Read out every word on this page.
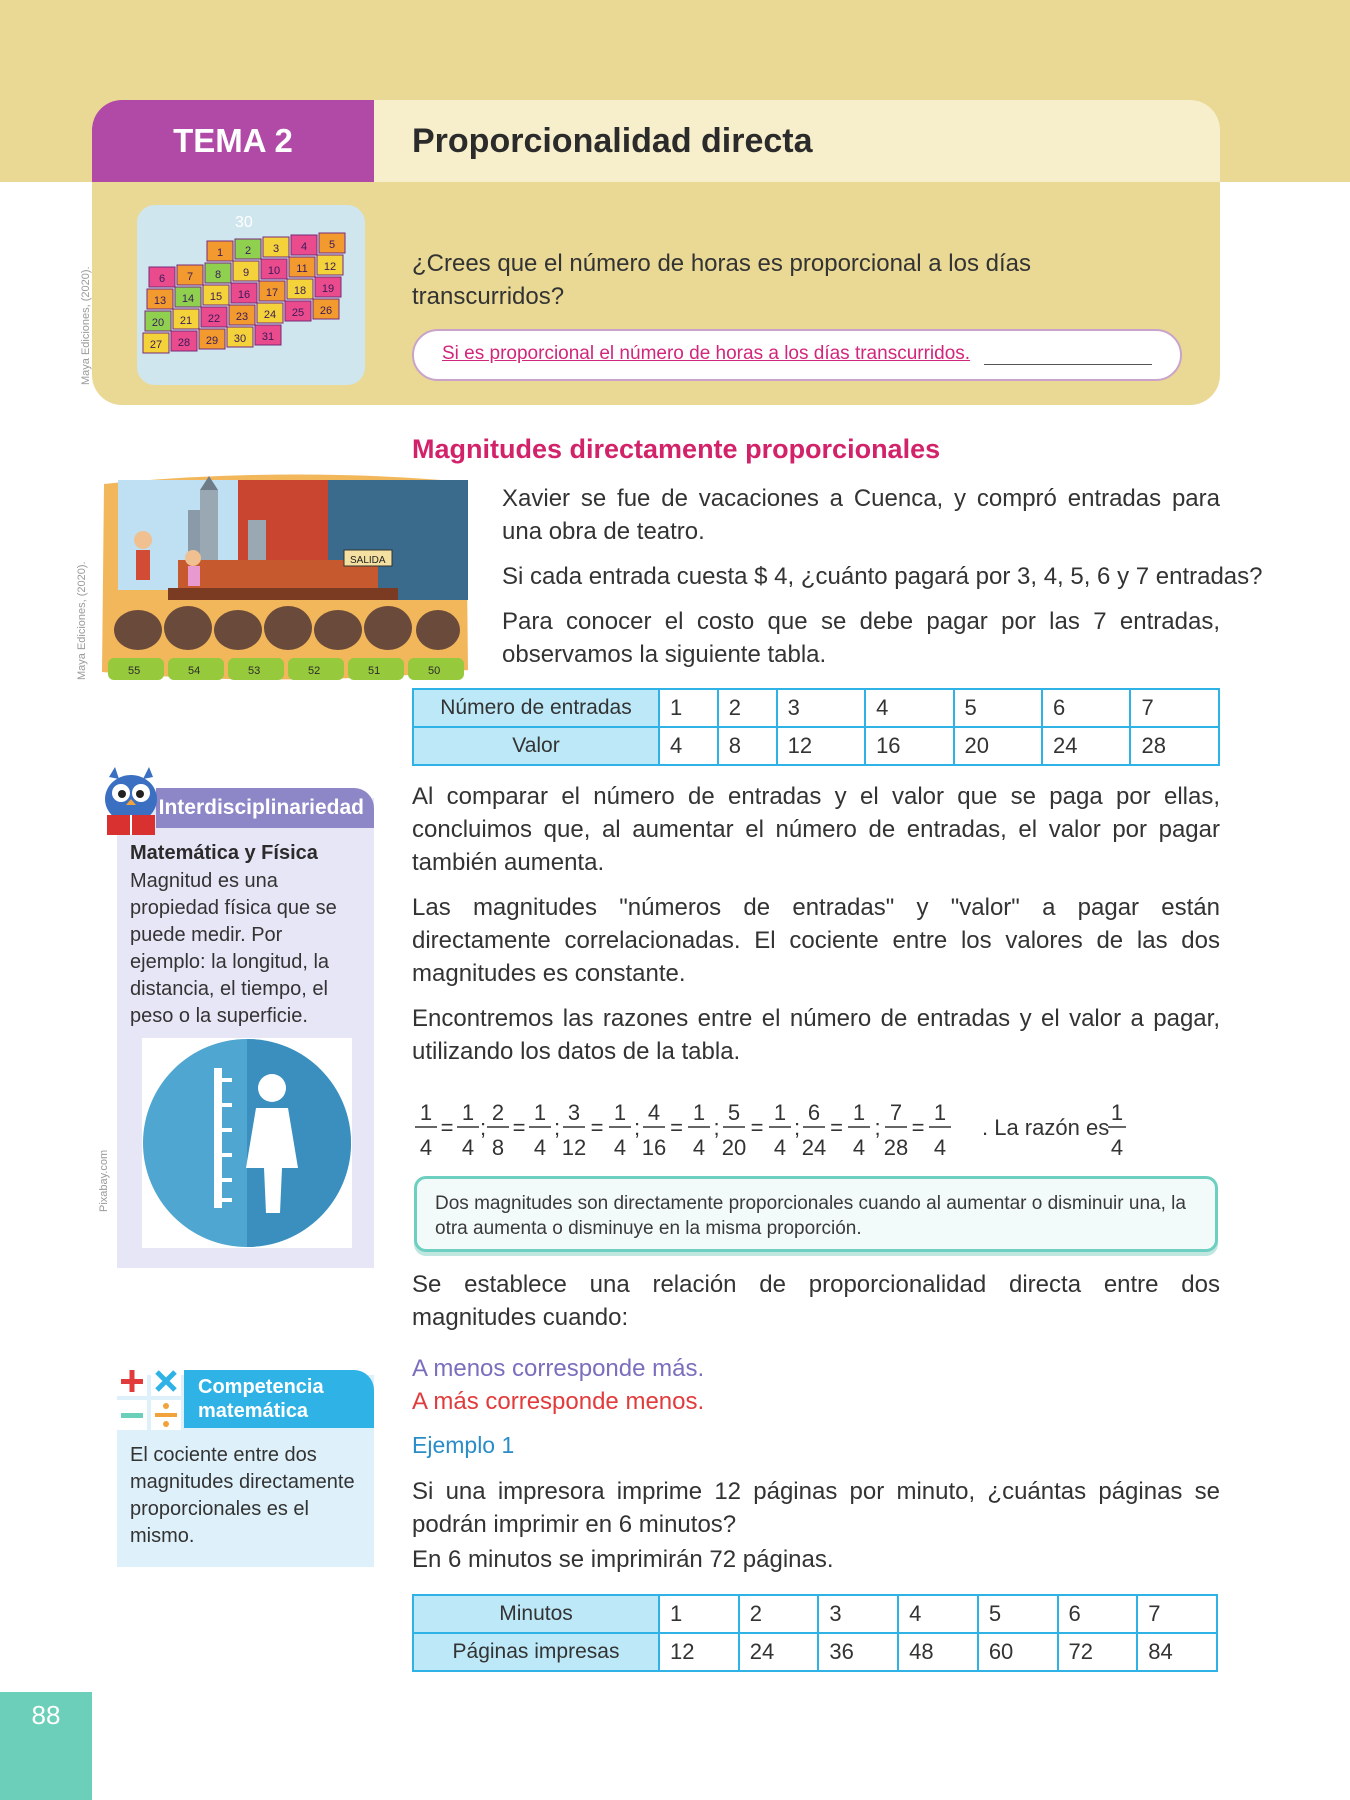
TEMA 2	Proporcionalidad directa
Maya Ediciones, (2020).
Maya Ediciones, (2020).
Pixabay.com
30
1 2 3 4 5
6 7 8 9 10 11 12
13 14 15 16 17 18 19
20 21 22 23 24 25 26
27 28 29 30 31
¿Crees que el número de horas es proporcional a los días transcurridos?
Si es proporcional el número de horas a los días transcurridos.
Magnitudes directamente proporcionales
SALIDA
55	54	53	52	51	50
Xavier se fue de vacaciones a Cuenca, y compró entradas para una obra de teatro.
Si cada entrada cuesta $ 4, ¿cuánto pagará por 3, 4, 5, 6 y 7 entradas?
Para conocer el costo que se debe pagar por las 7 entradas, observamos la siguiente tabla.
Número de entradas	1	2	3	4	5	6	7
Valor	4	8	12	16	20	24	28
Al comparar el número de entradas y el valor que se paga por ellas, concluimos que, al aumentar el número de entradas, el valor por pagar también aumenta.
Las magnitudes "números de entradas" y "valor" a pagar están directamente correlacionadas. El cociente entre los valores de las dos magnitudes es constante.
Encontremos las razones entre el número de entradas y el valor a pagar, utilizando los datos de la tabla.
1
4
=
1
4
;
2
8
=
1
4
;
3
12
=
1
4
;
4
16
=
1
4
;
5
20
=
1
4
;
6
24
=
1
4
;
7
28
=
1
4
. La razón es
1
4
Dos magnitudes son directamente proporcionales cuando al aumentar o disminuir una, la otra aumenta o disminuye en la misma proporción.
Se establece una relación de proporcionalidad directa entre dos magnitudes cuando:
A menos corresponde más.
A más corresponde menos.
Ejemplo 1
Si una impresora imprime 12 páginas por minuto, ¿cuántas páginas se podrán imprimir en 6 minutos?
En 6 minutos se imprimirán 72 páginas.
Minutos	1	2	3	4	5	6	7
Páginas impresas	12	24	36	48	60	72	84
Interdisciplinariedad
Matemática y Física
Magnitud es una propiedad física que se puede medir. Por ejemplo: la longitud, la distancia, el tiempo, el peso o la superficie.
Competencia
matemática
El cociente entre dos magnitudes directamente proporcionales es el mismo.
88
